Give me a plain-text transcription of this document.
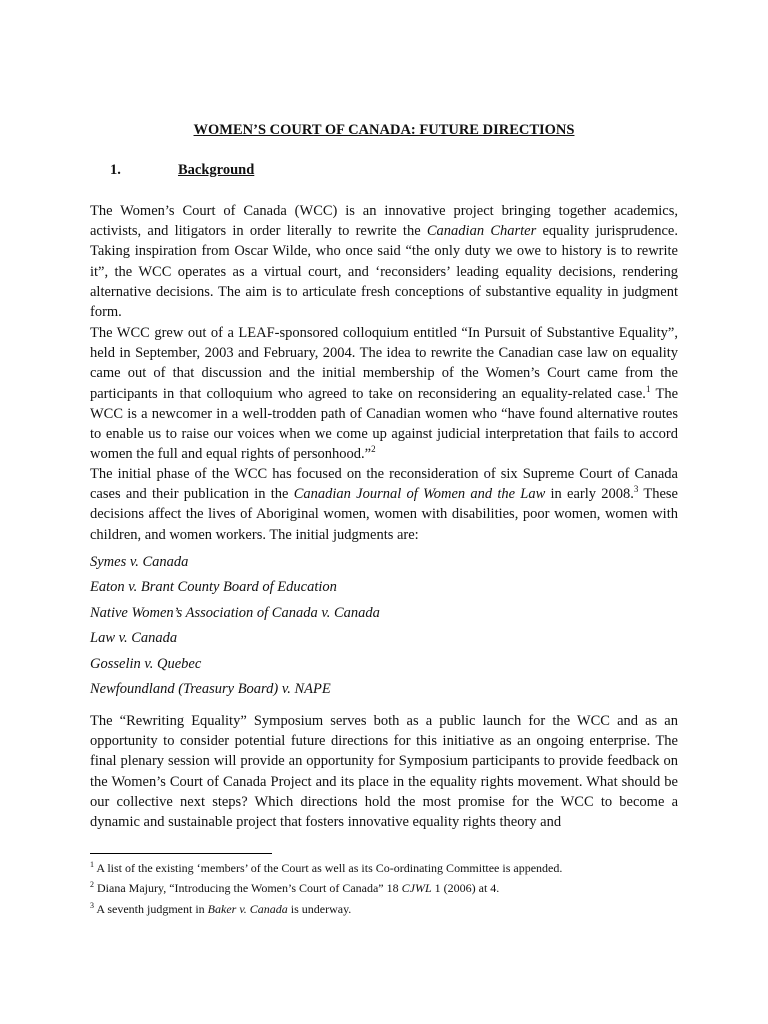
WOMEN’S COURT OF CANADA: FUTURE DIRECTIONS
1.	Background

The Women’s Court of Canada (WCC) is an innovative project bringing together academics, activists, and litigators in order literally to rewrite the Canadian Charter equality jurisprudence. Taking inspiration from Oscar Wilde, who once said “the only duty we owe to history is to rewrite it”, the WCC operates as a virtual court, and ‘reconsiders’ leading equality decisions, rendering alternative decisions. The aim is to articulate fresh conceptions of substantive equality in judgment form.

The WCC grew out of a LEAF-sponsored colloquium entitled “In Pursuit of Substantive Equality”, held in September, 2003 and February, 2004. The idea to rewrite the Canadian case law on equality came out of that discussion and the initial membership of the Women’s Court came from the participants in that colloquium who agreed to take on reconsidering an equality-related case.$^1$ The WCC is a newcomer in a well-trodden path of Canadian women who “have found alternative routes to enable us to raise our voices when we come up against judicial interpretation that fails to accord women the full and equal rights of personhood.”$^2$

The initial phase of the WCC has focused on the reconsideration of six Supreme Court of Canada cases and their publication in the Canadian Journal of Women and the Law in early 2008.$^3$ These decisions affect the lives of Aboriginal women, women with disabilities, poor women, women with children, and women workers. The initial judgments are:

Symes v. Canada
Eaton v. Brant County Board of Education
Native Women’s Association of Canada v. Canada
Law v. Canada
Gosselin v. Quebec
Newfoundland (Treasury Board) v. NAPE

The “Rewriting Equality” Symposium serves both as a public launch for the WCC and as an opportunity to consider potential future directions for this initiative as an ongoing enterprise. The final plenary session will provide an opportunity for Symposium participants to provide feedback on the Women’s Court of Canada Project and its place in the equality rights movement. What should be our collective next steps? Which directions hold the most promise for the WCC to become a dynamic and sustainable project that fosters innovative equality rights theory and

$^1$ A list of the existing ‘members’ of the Court as well as its Co-ordinating Committee is appended.
$^2$ Diana Majury, “Introducing the Women’s Court of Canada” 18 CJWL 1 (2006) at 4.
$^3$ A seventh judgment in Baker v. Canada is underway.
